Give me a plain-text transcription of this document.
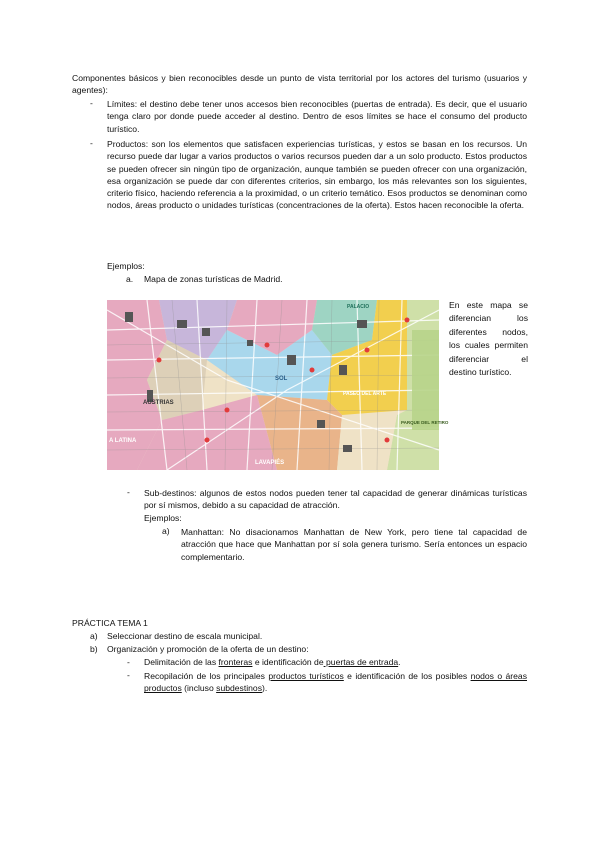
Componentes básicos y bien reconocibles desde un punto de vista territorial por los actores del turismo (usuarios y agentes):
- Límites: el destino debe tener unos accesos bien reconocibles (puertas de entrada). Es decir, que el usuario tenga claro por donde puede acceder al destino. Dentro de esos límites se hace el consumo del producto turístico.
- Productos: son los elementos que satisfacen experiencias turísticas, y estos se basan en los recursos. Un recurso puede dar lugar a varios productos o varios recursos pueden dar a un solo producto. Estos productos se pueden ofrecer sin ningún tipo de organización, aunque también se pueden ofrecer con una organización, esa organización se puede dar con diferentes criterios, sin embargo, los más relevantes son los siguientes, criterio físico, haciendo referencia a la proximidad, o un criterio temático. Esos productos se denominan como nodos, áreas producto o unidades turísticas (concentraciones de la oferta). Estos hacen reconocible la oferta.
Ejemplos:
a. Mapa de zonas turísticas de Madrid.
AUSTRIAS
A LATINA
LAVAPIÉS
SOL
PASEO DEL ARTE
PARQUE DEL RETIRO
PALACIO	En este mapa se diferencian los diferentes nodos, los cuales permiten diferenciar el destino turístico.
- Sub-destinos: algunos de estos nodos pueden tener tal capacidad de generar dinámicas turísticas por sí mismos, debido a su capacidad de atracción.
Ejemplos:
a) Manhattan: No disacionamos Manhattan de New York, pero tiene tal capacidad de atracción que hace que Manhattan por sí sola genera turismo. Sería entonces un espacio complementario.
PRÁCTICA TEMA 1
a) Seleccionar destino de escala municipal.
b) Organización y promoción de la oferta de un destino:
- Delimitación de las fronteras e identificación de puertas de entrada.
- Recopilación de los principales productos turísticos e identificación de los posibles nodos o áreas productos (incluso subdestinos).
